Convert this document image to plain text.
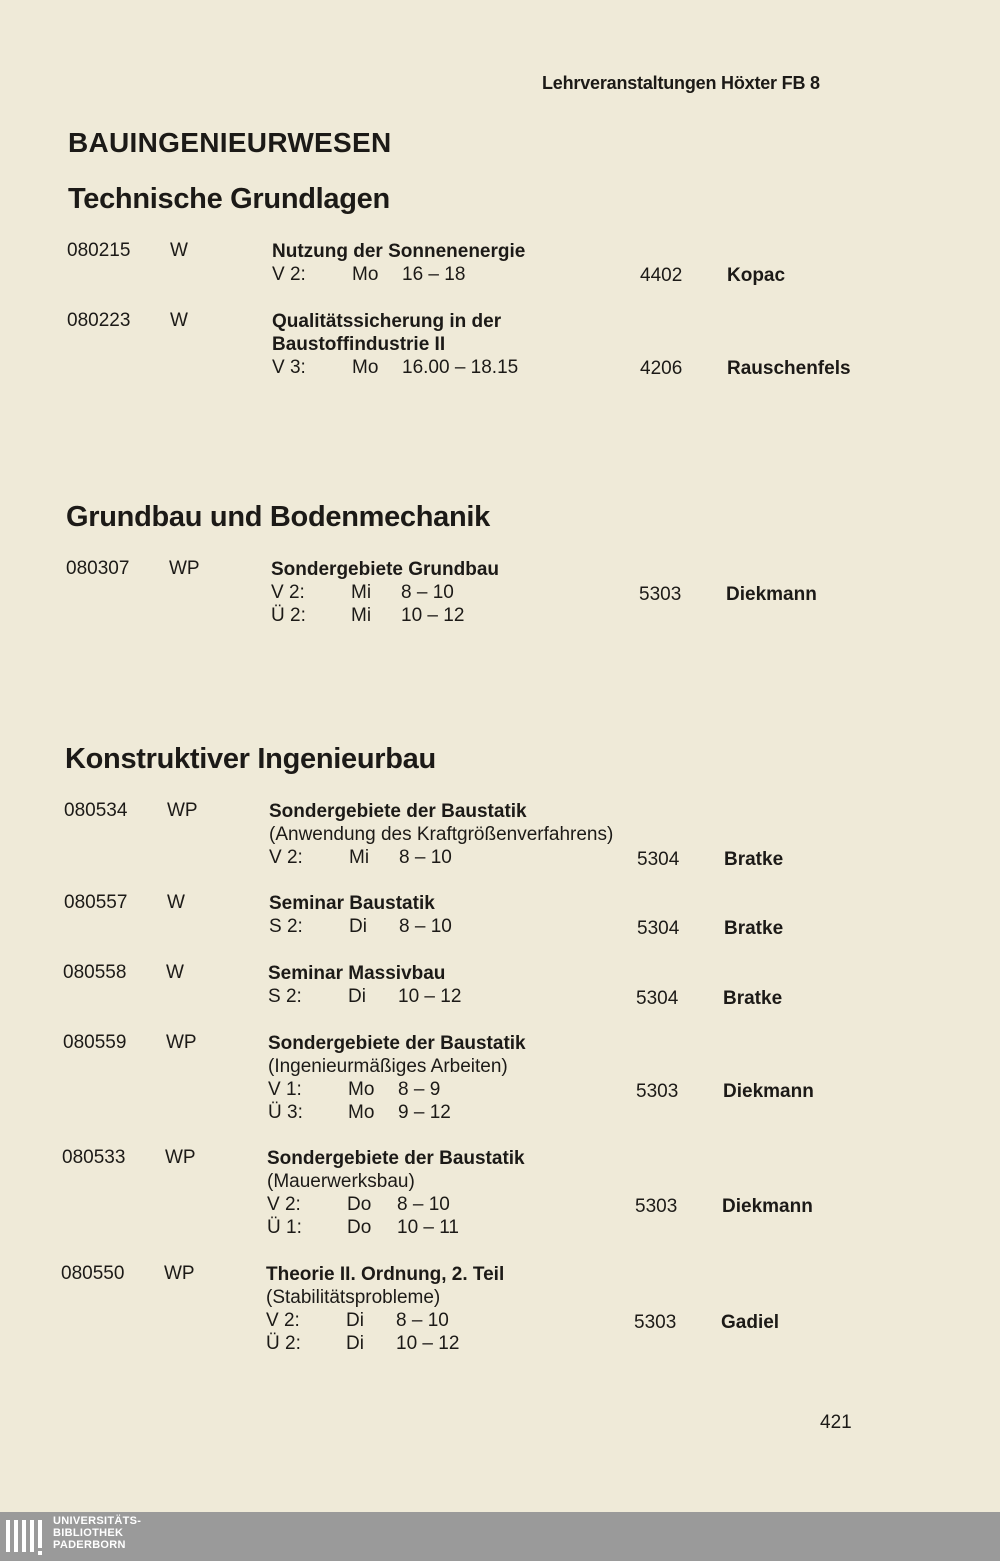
Lehrveranstaltungen Höxter FB 8
BAUINGENIEURWESEN
Technische Grundlagen
080215 W	Nutzung der Sonnenenergie
V 2: Mo 16 – 18	4402 Kopac
080223 W	Qualitätssicherung in der
Baustoffindustrie II
V 3: Mo 16.00 – 18.15	4206 Rauschenfels
Grundbau und Bodenmechanik
080307 WP	Sondergebiete Grundbau
V 2: Mi 8 – 10
Ü 2: Mi 10 – 12
5303 Diekmann
Konstruktiver Ingenieurbau
080534 WP	Sondergebiete der Baustatik
(Anwendung des Kraftgrößenverfahrens)
V 2: Mi 8 – 10	5304 Bratke
080557 W	Seminar Baustatik
S 2: Di 8 – 10	5304 Bratke
080558 W	Seminar Massivbau
S 2: Di 10 – 12	5304 Bratke
080559 WP	Sondergebiete der Baustatik
(Ingenieurmäßiges Arbeiten)
V 1: Mo 8 – 9
Ü 3: Mo 9 – 12
5303 Diekmann
080533 WP	Sondergebiete der Baustatik
(Mauerwerksbau)
V 2: Do 8 – 10
Ü 1: Do 10 – 11
5303 Diekmann
080550 WP	Theorie II. Ordnung, 2. Teil
(Stabilitätsprobleme)
V 2: Di 8 – 10
Ü 2: Di 10 – 12
5303 Gadiel
421
UNIVERSITÄTS-
BIBLIOTHEK
PADERBORN
